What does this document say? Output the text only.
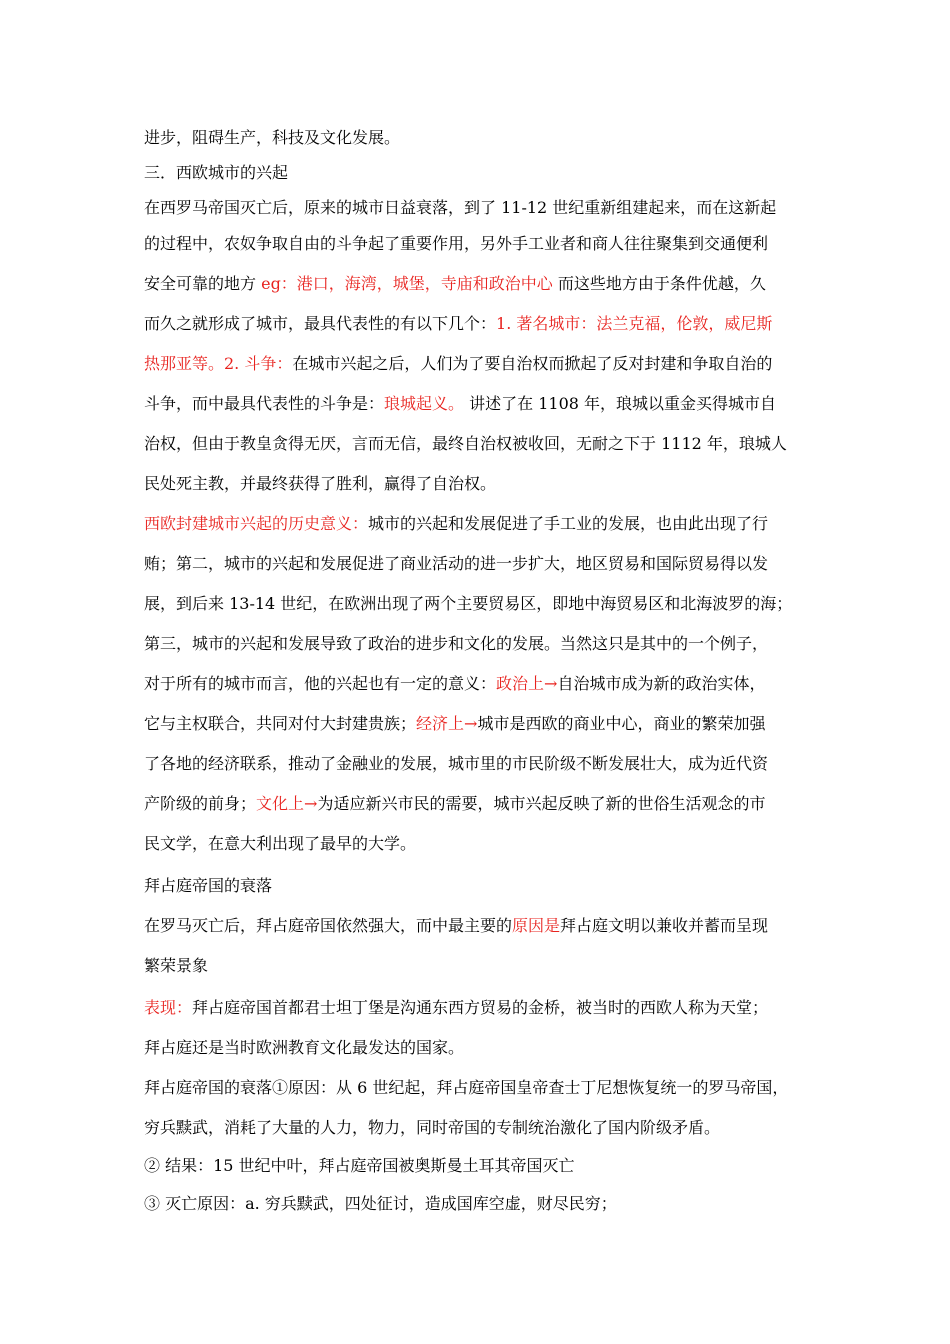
进步，阻碍生产，科技及文化发展。
三．西欧城市的兴起
在西罗马帝国灭亡后，原来的城市日益衰落，到了 11-12 世纪重新组建起来，而在这新起
的过程中，农奴争取自由的斗争起了重要作用，另外手工业者和商人往往聚集到交通便利
安全可靠的地方 eg：港口，海湾，城堡，寺庙和政治中心 而这些地方由于条件优越，久
而久之就形成了城市，最具代表性的有以下几个：1. 著名城市：法兰克福，伦敦，威尼斯
热那亚等。2. 斗争：在城市兴起之后，人们为了要自治权而掀起了反对封建和争取自治的
斗争，而中最具代表性的斗争是：琅城起义。 讲述了在 1108 年，琅城以重金买得城市自
治权，但由于教皇贪得无厌，言而无信，最终自治权被收回，无耐之下于 1112 年，琅城人
民处死主教，并最终获得了胜利，赢得了自治权。
西欧封建城市兴起的历史意义：城市的兴起和发展促进了手工业的发展，也由此出现了行
贿；第二，城市的兴起和发展促进了商业活动的进一步扩大，地区贸易和国际贸易得以发
展，到后来 13-14 世纪，在欧洲出现了两个主要贸易区，即地中海贸易区和北海波罗的海；
第三，城市的兴起和发展导致了政治的进步和文化的发展。当然这只是其中的一个例子，
对于所有的城市而言，他的兴起也有一定的意义：政治上→自治城市成为新的政治实体，
它与主权联合，共同对付大封建贵族；经济上→城市是西欧的商业中心，商业的繁荣加强
了各地的经济联系，推动了金融业的发展，城市里的市民阶级不断发展壮大，成为近代资
产阶级的前身；文化上→为适应新兴市民的需要，城市兴起反映了新的世俗生活观念的市
民文学，在意大利出现了最早的大学。
拜占庭帝国的衰落
在罗马灭亡后，拜占庭帝国依然强大，而中最主要的原因是拜占庭文明以兼收并蓄而呈现
繁荣景象
表现：拜占庭帝国首都君士坦丁堡是沟通东西方贸易的金桥，被当时的西欧人称为天堂；
拜占庭还是当时欧洲教育文化最发达的国家。
拜占庭帝国的衰落①原因：从 6 世纪起，拜占庭帝国皇帝查士丁尼想恢复统一的罗马帝国，
穷兵黩武，消耗了大量的人力，物力，同时帝国的专制统治激化了国内阶级矛盾。
② 结果：15 世纪中叶，拜占庭帝国被奥斯曼土耳其帝国灭亡
③ 灭亡原因：a. 穷兵黩武，四处征讨，造成国库空虚，财尽民穷；
